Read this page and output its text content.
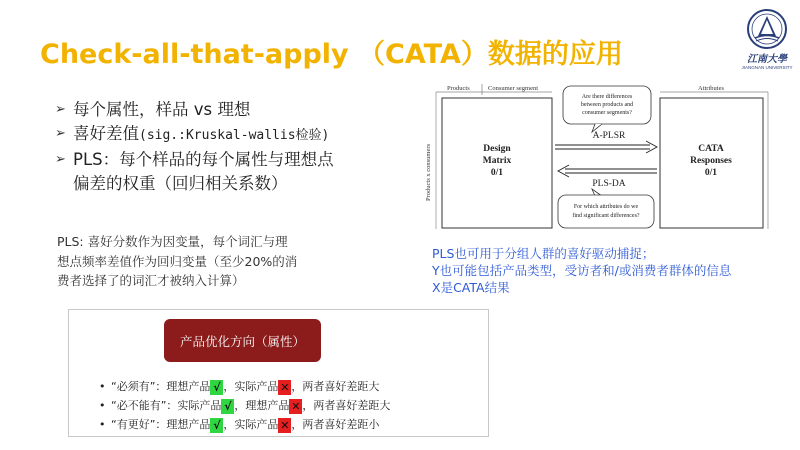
Check-all-that-apply （CATA）数据的应用	江南大學
JIANGNAN UNIVERSITY
➢ 每个属性，样品 vs 理想
➢ 喜好差值(sig.:Kruskal-wallis检验)
➢ PLS：每个样品的每个属性与理想点
偏差的权重（回归相关系数）
PLS: 喜好分数作为因变量，每个词汇与理
想点频率差值作为回归变量（至少20%的消
费者选择了的词汇才被纳入计算）
Products	Consumer segment	Attributes
Products x consumers	Design
Matrix
0/1
CATA
Responses
0/1
Are there differences
between products and
consumer segments?
A-PLSR
PLS-DA
For which attributes do we
find significant differences?
PLS也可用于分组人群的喜好驱动捕捉；
Y也可能包括产品类型，受访者和/或消费者群体的信息
X是CATA结果
产品优化方向（属性）
• “必须有”：理想产品 √ ，实际产品 ✕ ，两者喜好差距大
• “必不能有”：实际产品 √ ，理想产品 ✕ ，两者喜好差距大
• “有更好”：理想产品 √ ，实际产品 ✕ ，两者喜好差距小
